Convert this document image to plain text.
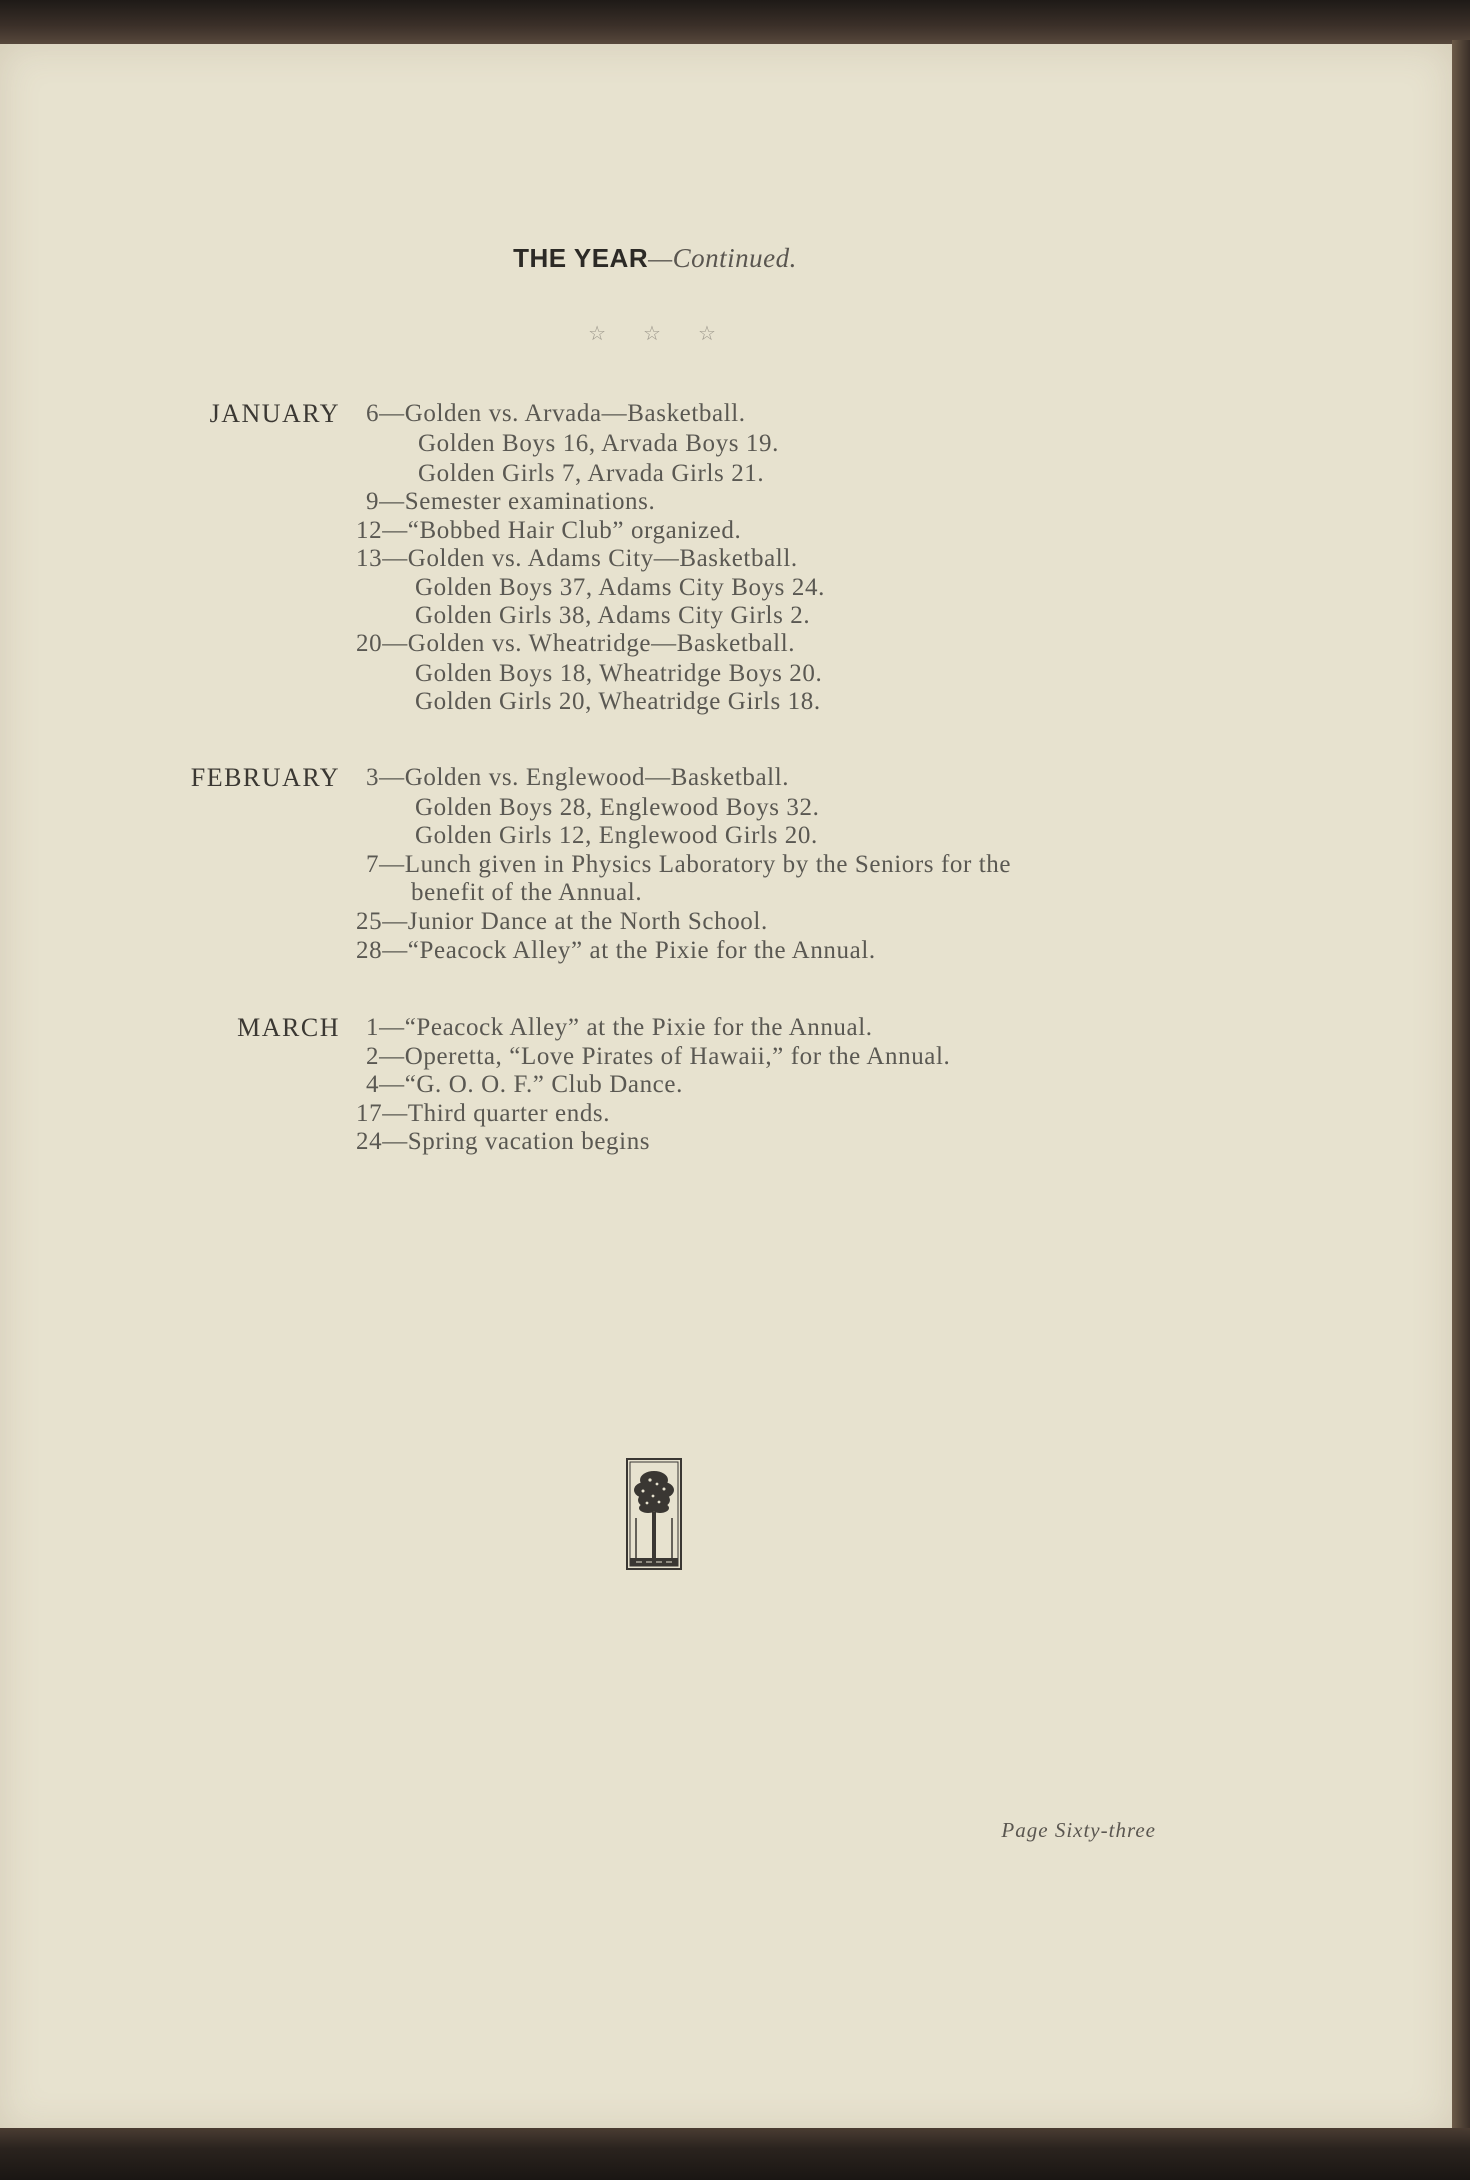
THE YEAR—Continued.
☆ ☆ ☆
JANUARY 6—Golden vs. Arvada—Basketball.
Golden Boys 16, Arvada Boys 19.
Golden Girls 7, Arvada Girls 21.
9—Semester examinations.
12—“Bobbed Hair Club” organized.
13—Golden vs. Adams City—Basketball.
Golden Boys 37, Adams City Boys 24.
Golden Girls 38, Adams City Girls 2.
20—Golden vs. Wheatridge—Basketball.
Golden Boys 18, Wheatridge Boys 20.
Golden Girls 20, Wheatridge Girls 18.
FEBRUARY 3—Golden vs. Englewood—Basketball.
Golden Boys 28, Englewood Boys 32.
Golden Girls 12, Englewood Girls 20.
7—Lunch given in Physics Laboratory by the Seniors for the
benefit of the Annual.
25—Junior Dance at the North School.
28—“Peacock Alley” at the Pixie for the Annual.
MARCH 1—“Peacock Alley” at the Pixie for the Annual.
2—Operetta, “Love Pirates of Hawaii,” for the Annual.
4—“G. O. O. F.” Club Dance.
17—Third quarter ends.
24—Spring vacation begins
Page Sixty-three
